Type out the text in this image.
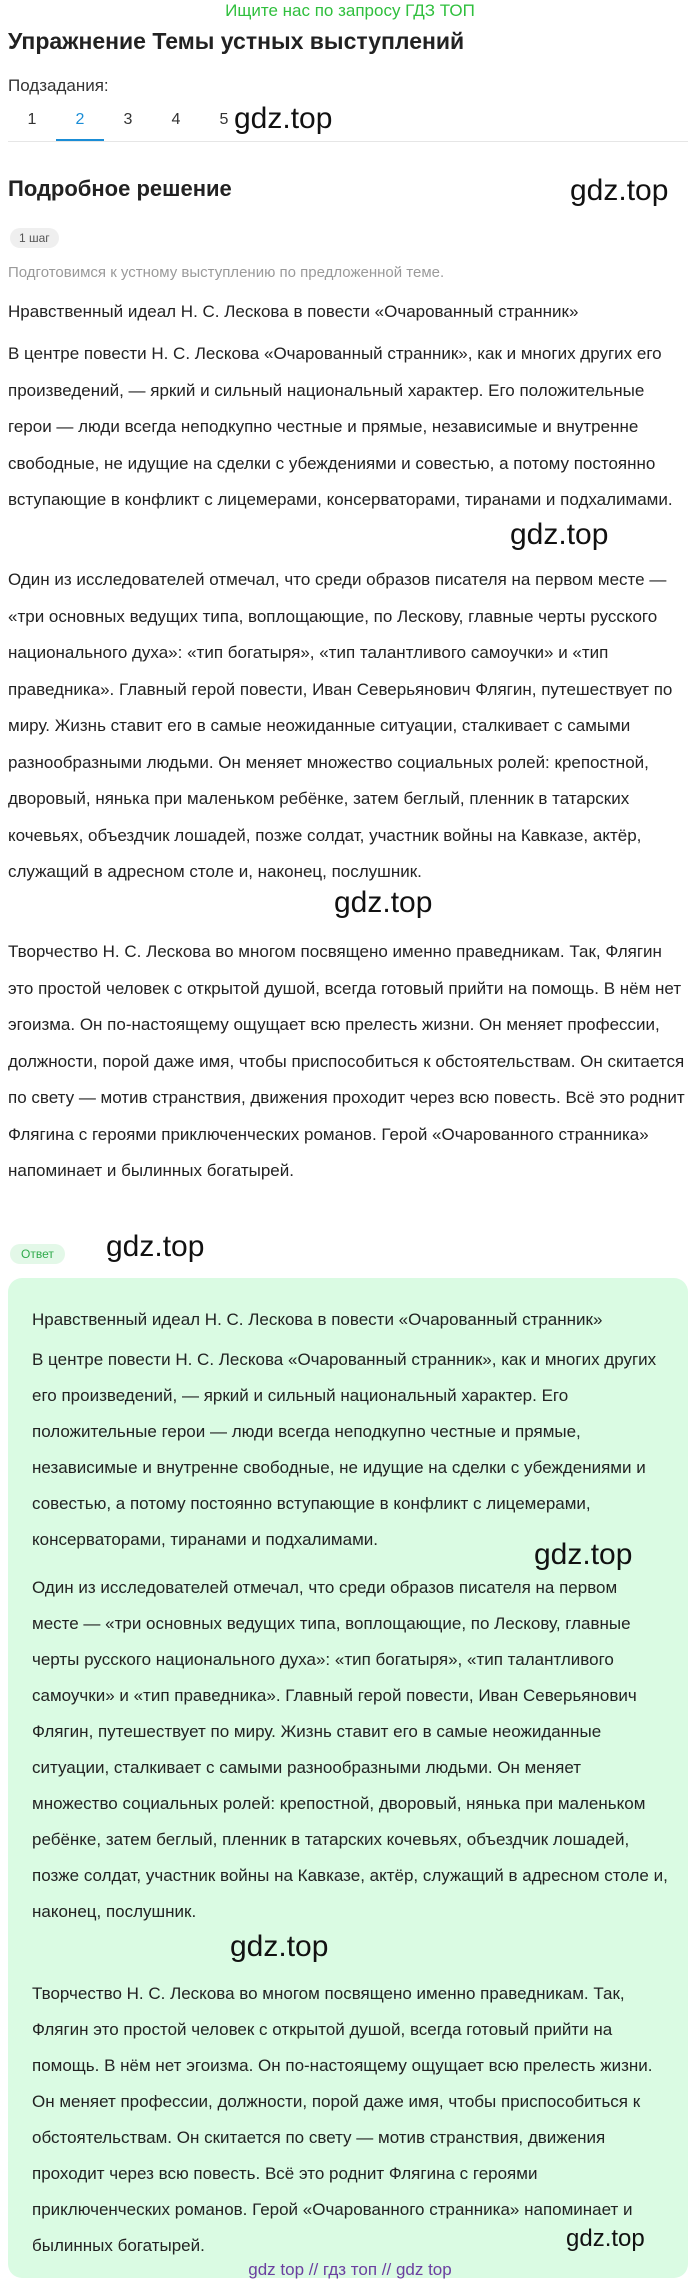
Ищите нас по запросу ГДЗ ТОП
Упражнение Темы устных выступлений
Подзадания:
1	2	3	4	5 gdz.top
Подробное решение	gdz.top
1 шаг
Подготовимся к устному выступлению по предложенной теме.

Нравственный идеал Н. С. Лескова в повести «Очарованный странник»

В центре повести Н. С. Лескова «Очарованный странник», как и многих других его произведений, — яркий и сильный национальный характер. Его положительные герои — люди всегда неподкупно честные и прямые, независимые и внутренне свободные, не идущие на сделки с убеждениями и совестью, а потому постоянно вступающие в конфликт с лицемерами, консерваторами, тиранами и подхалимами.

gdz.top

Один из исследователей отмечал, что среди образов писателя на первом месте — «три основных ведущих типа, воплощающие, по Лескову, главные черты русского национального духа»: «тип богатыря», «тип талантливого самоучки» и «тип праведника». Главный герой повести, Иван Северьянович Флягин, путешествует по миру. Жизнь ставит его в самые неожиданные ситуации, сталкивает с самыми разнообразными людьми. Он меняет множество социальных ролей: крепостной, дворовый, нянька при маленьком ребёнке, затем беглый, пленник в татарских кочевьях, объездчик лошадей, позже солдат, участник войны на Кавказе, актёр, служащий в адресном столе и, наконец, послушник.

gdz.top

Творчество Н. С. Лескова во многом посвящено именно праведникам. Так, Флягин это простой человек с открытой душой, всегда готовый прийти на помощь. В нём нет эгоизма. Он по-настоящему ощущает всю прелесть жизни. Он меняет профессии, должности, порой даже имя, чтобы приспособиться к обстоятельствам. Он скитается по свету — мотив странствия, движения проходит через всю повесть. Всё это роднит Флягина с героями приключенческих романов. Герой «Очарованного странника» напоминает и былинных богатырей.

Ответ	gdz.top

Нравственный идеал Н. С. Лескова в повести «Очарованный странник»

В центре повести Н. С. Лескова «Очарованный странник», как и многих других его произведений, — яркий и сильный национальный характер. Его положительные герои — люди всегда неподкупно честные и прямые, независимые и внутренне свободные, не идущие на сделки с убеждениями и совестью, а потому постоянно вступающие в конфликт с лицемерами, консерваторами, тиранами и подхалимами.	gdz.top

Один из исследователей отмечал, что среди образов писателя на первом месте — «три основных ведущих типа, воплощающие, по Лескову, главные черты русского национального духа»: «тип богатыря», «тип талантливого самоучки» и «тип праведника». Главный герой повести, Иван Северьянович Флягин, путешествует по миру. Жизнь ставит его в самые неожиданные ситуации, сталкивает с самыми разнообразными людьми. Он меняет множество социальных ролей: крепостной, дворовый, нянька при маленьком ребёнке, затем беглый, пленник в татарских кочевьях, объездчик лошадей, позже солдат, участник войны на Кавказе, актёр, служащий в адресном столе и, наконец, послушник.

gdz.top

Творчество Н. С. Лескова во многом посвящено именно праведникам. Так, Флягин это простой человек с открытой душой, всегда готовый прийти на помощь. В нём нет эгоизма. Он по-настоящему ощущает всю прелесть жизни. Он меняет профессии, должности, порой даже имя, чтобы приспособиться к обстоятельствам. Он скитается по свету — мотив странствия, движения проходит через всю повесть. Всё это роднит Флягина с героями приключенческих романов. Герой «Очарованного странника» напоминает и былинных богатырей.	gdz.top
gdz top // гдз топ // gdz top
